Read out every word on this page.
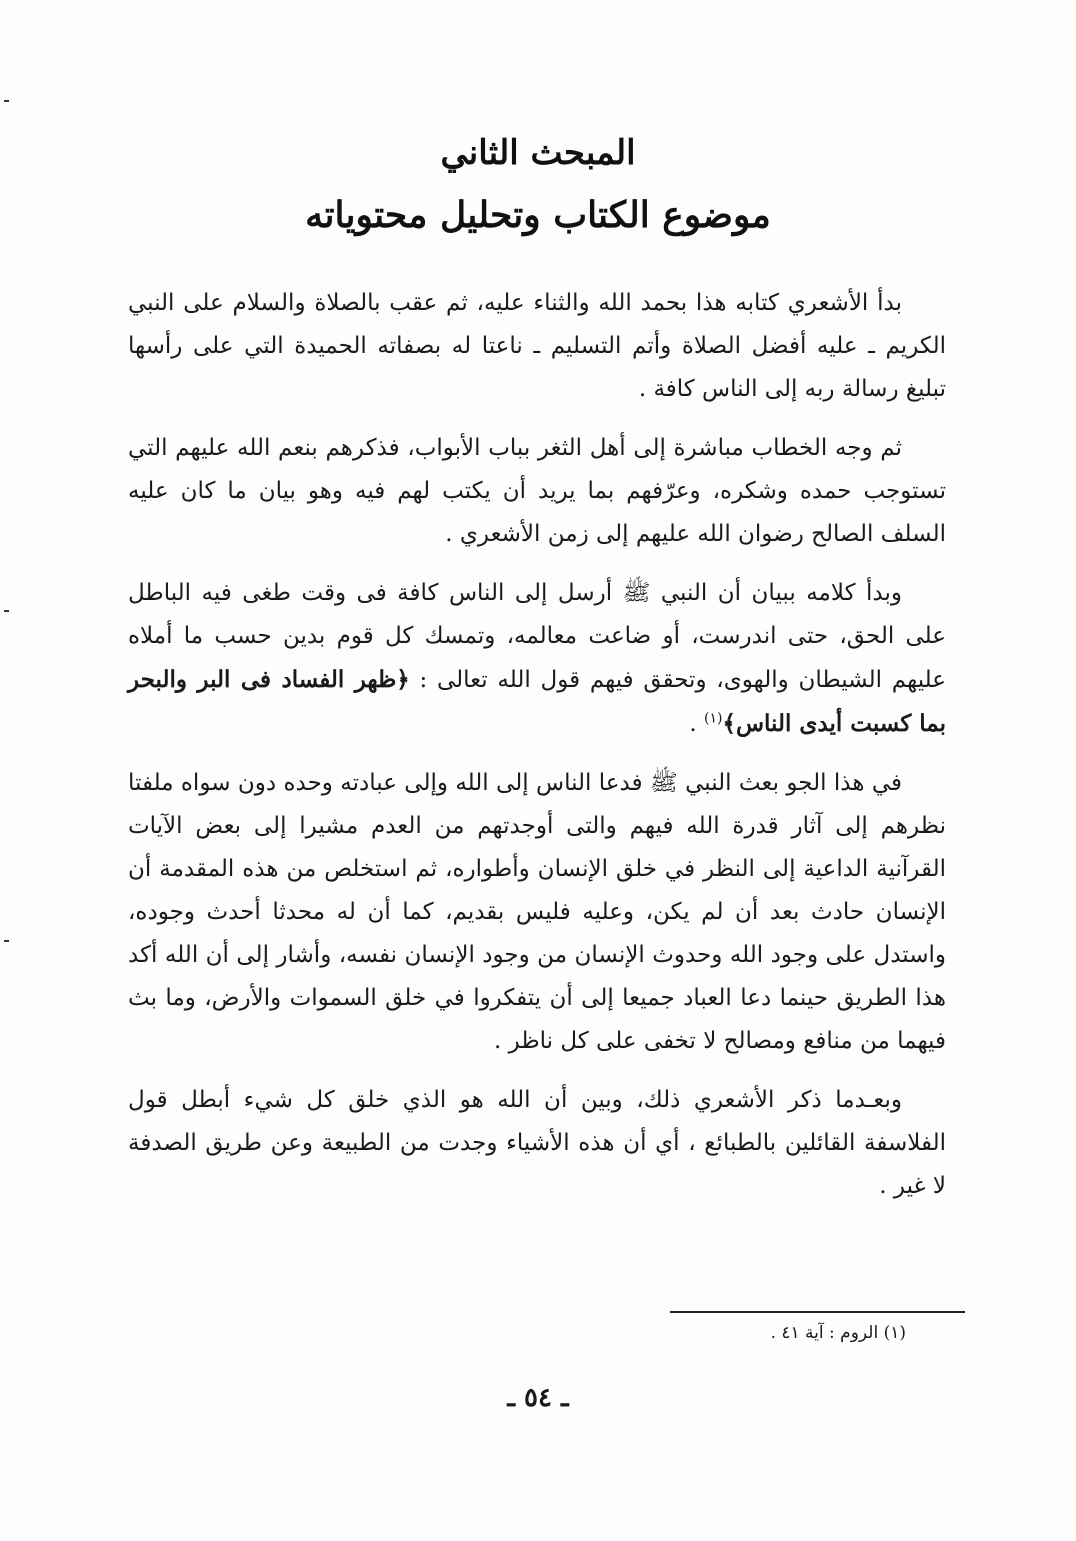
المبحث الثاني
موضوع الكتاب وتحليل محتوياته

بدأ الأشعري كتابه هذا بحمد الله والثناء عليه، ثم عقب بالصلاة والسلام على النبي الكريم ـ عليه أفضل الصلاة وأتم التسليم ـ ناعتا له بصفاته الحميدة التي على رأسها تبليغ رسالة ربه إلى الناس كافة .

ثم وجه الخطاب مباشرة إلى أهل الثغر بباب الأبواب، فذكرهم بنعم الله عليهم التي تستوجب حمده وشكره، وعرّفهم بما يريد أن يكتب لهم فيه وهو بيان ما كان عليه السلف الصالح رضوان الله عليهم إلى زمن الأشعري .

وبدأ كلامه ببيان أن النبي ﷺ أرسل إلى الناس كافة فى وقت طغى فيه الباطل على الحق، حتى اندرست، أو ضاعت معالمه، وتمسك كل قوم بدين حسب ما أملاه عليهم الشيطان والهوى، وتحقق فيهم قول الله تعالى : ﴿ظهر الفساد فى البر والبحر بما كسبت أيدى الناس﴾$^{(١)}$ .

في هذا الجو بعث النبي ﷺ فدعا الناس إلى الله وإلى عبادته وحده دون سواه ملفتا نظرهم إلى آثار قدرة الله فيهم والتى أوجدتهم من العدم مشيرا إلى بعض الآيات القرآنية الداعية إلى النظر في خلق الإنسان وأطواره، ثم استخلص من هذه المقدمة أن الإنسان حادث بعد أن لم يكن، وعليه فليس بقديم، كما أن له محدثا أحدث وجوده، واستدل على وجود الله وحدوث الإنسان من وجود الإنسان نفسه، وأشار إلى أن الله أكد هذا الطريق حينما دعا العباد جميعا إلى أن يتفكروا في خلق السموات والأرض، وما بث فيهما من منافع ومصالح لا تخفى على كل ناظر .

وبعـدما ذكر الأشعري ذلك، وبين أن الله هو الذي خلق كل شيء أبطل قول الفلاسفة القائلين بالطبائع ، أي أن هذه الأشياء وجدت من الطبيعة وعن طريق الصدفة لا غير .

(١) الروم : آية ٤١ .
ـ ٥٤ ـ
